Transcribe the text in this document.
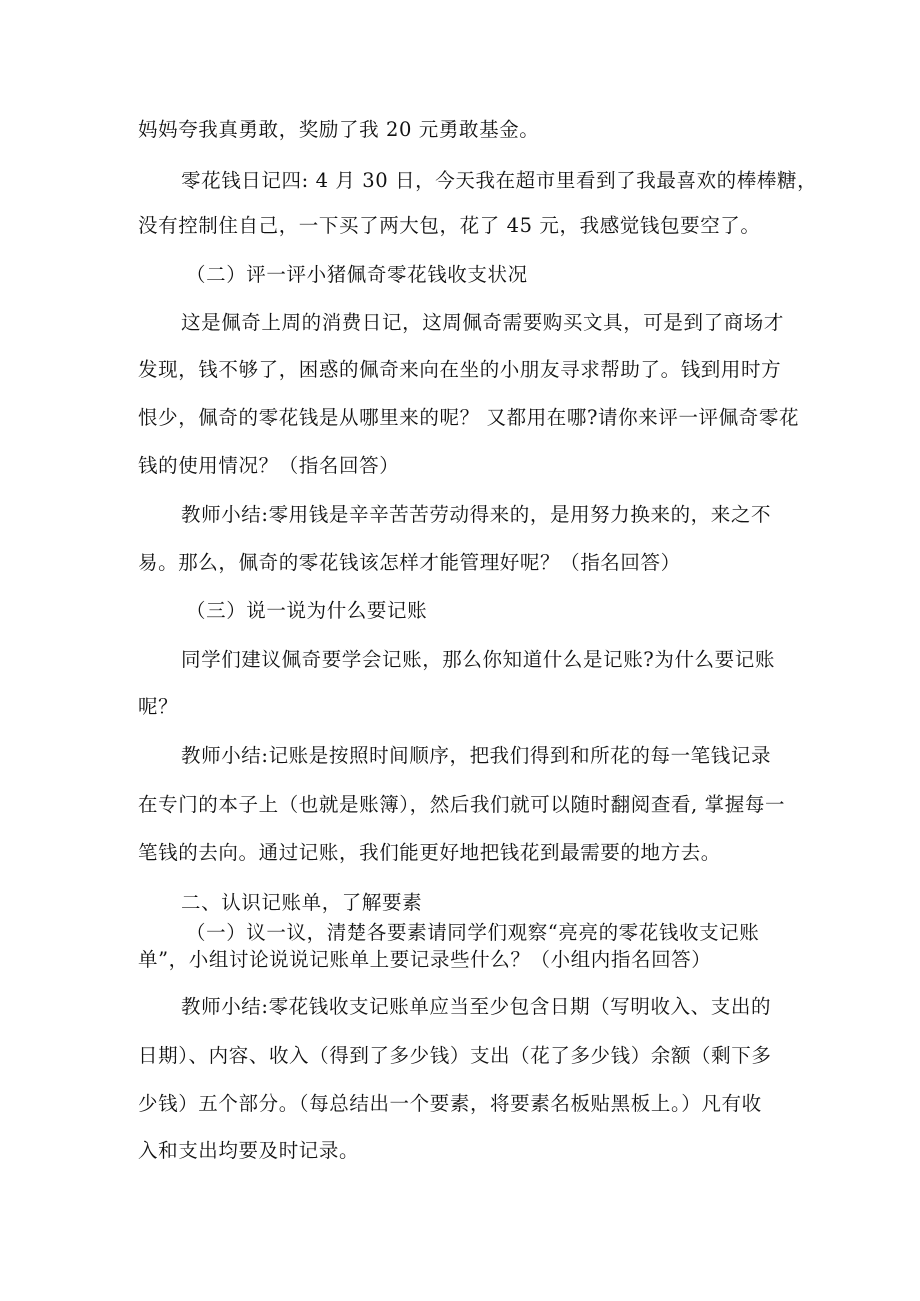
妈妈夸我真勇敢，奖励了我 20 元勇敢基金。
零花钱日记四: 4 月 30 日，今天我在超市里看到了我最喜欢的棒棒糖，
没有控制住自己，一下买了两大包，花了 45 元，我感觉钱包要空了。
（二）评一评小猪佩奇零花钱收支状况
这是佩奇上周的消费日记，这周佩奇需要购买文具，可是到了商场才
发现，钱不够了，困惑的佩奇来向在坐的小朋友寻求帮助了。钱到用时方
恨少，佩奇的零花钱是从哪里来的呢？ 又都用在哪?请你来评一评佩奇零花
钱的使用情况？（指名回答）
教师小结:零用钱是辛辛苦苦劳动得来的，是用努力换来的，来之不
易。那么，佩奇的零花钱该怎样才能管理好呢？（指名回答）
（三）说一说为什么要记账
同学们建议佩奇要学会记账，那么你知道什么是记账?为什么要记账
呢？
教师小结:记账是按照时间顺序，把我们得到和所花的每一笔钱记录
在专门的本子上（也就是账簿），然后我们就可以随时翻阅查看, 掌握每一
笔钱的去向。通过记账，我们能更好地把钱花到最需要的地方去。
二、认识记账单，了解要素
（一）议一议，清楚各要素请同学们观察“亮亮的零花钱收支记账
单”，小组讨论说说记账单上要记录些什么？（小组内指名回答）
教师小结:零花钱收支记账单应当至少包含日期（写明收入、支出的
日期）、内容、收入（得到了多少钱）支出（花了多少钱）余额（剩下多
少钱）五个部分。（每总结出一个要素，将要素名板贴黑板上。）凡有收
入和支出均要及时记录。
